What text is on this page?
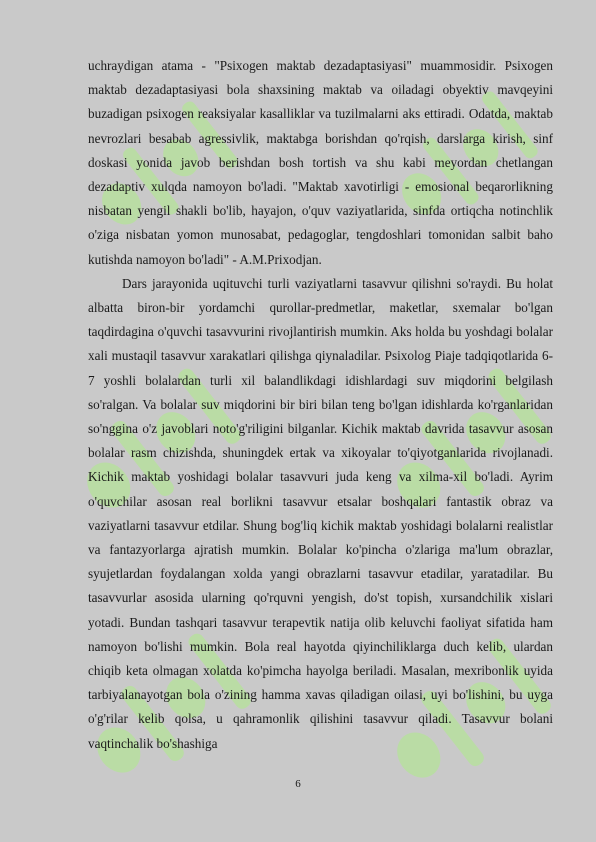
uchraydigan atama - "Psixogen maktab dezadaptasiyasi" muammosidir. Psixogen maktab dezadaptasiyasi bola shaxsining maktab va oiladagi obyektiv mavqeyini buzadigan psixogen reaksiyalar kasalliklar va tuzilmalarni aks ettiradi. Odatda, maktab nevrozlari besabab agressivlik, maktabga borishdan qo'rqish, darslarga kirish, sinf doskasi yonida javob berishdan bosh tortish va shu kabi meyordan chetlangan dezadaptiv xulqda namoyon bo'ladi. "Maktab xavotirligi - emosional beqarorlikning nisbatan yengil shakli bo'lib, hayajon, o'quv vaziyatlarida, sinfda ortiqcha notinchlik o'ziga nisbatan yomon munosabat, pedagoglar, tengdoshlari tomonidan salbit baho kutishda namoyon bo'ladi" - A.M.Prixodjan.

Dars jarayonida uqituvchi turli vaziyatlarni tasavvur qilishni so'raydi. Bu holat albatta biron-bir yordamchi qurollar-predmetlar, maketlar, sxemalar bo'lgan taqdirdagina o'quvchi tasavvurini rivojlantirish mumkin. Aks holda bu yoshdagi bolalar xali mustaqil tasavvur xarakatlari qilishga qiynaladilar. Psixolog Piaje tadqiqotlarida 6-7 yoshli bolalardan turli xil balandlikdagi idishlardagi suv miqdorini belgilash so'ralgan. Va bolalar suv miqdorini bir biri bilan teng bo'lgan idishlarda ko'rganlaridan so'nggina o'z javoblari noto'g'riligini bilganlar. Kichik maktab davrida tasavvur asosan bolalar rasm chizishda, shuningdek ertak va xikoyalar to'qiyotganlarida rivojlanadi. Kichik maktab yoshidagi bolalar tasavvuri juda keng va xilma-xil bo'ladi. Ayrim o'quvchilar asosan real borlikni tasavvur etsalar boshqalari fantastik obraz va vaziyatlarni tasavvur etdilar. Shung bog'liq kichik maktab yoshidagi bolalarni realistlar va fantazyorlarga ajratish mumkin. Bolalar ko'pincha o'zlariga ma'lum obrazlar, syujetlardan foydalangan xolda yangi obrazlarni tasavvur etadilar, yaratadilar. Bu tasavvurlar asosida ularning qo'rquvni yengish, do'st topish, xursandchilik xislari yotadi. Bundan tashqari tasavvur terapevtik natija olib keluvchi faoliyat sifatida ham namoyon bo'lishi mumkin. Bola real hayotda qiyinchiliklarga duch kelib, ulardan chiqib keta olmagan xolatda ko'pimcha hayolga beriladi. Masalan, mexribonlik uyida tarbiyalanayotgan bola o'zining hamma xavas qiladigan oilasi, uyi bo'lishini, bu uyga o'g'rilar kelib qolsa, u qahramonlik qilishini tasavvur qiladi. Tasavvur bolani vaqtinchalik bo'shashiga

6
